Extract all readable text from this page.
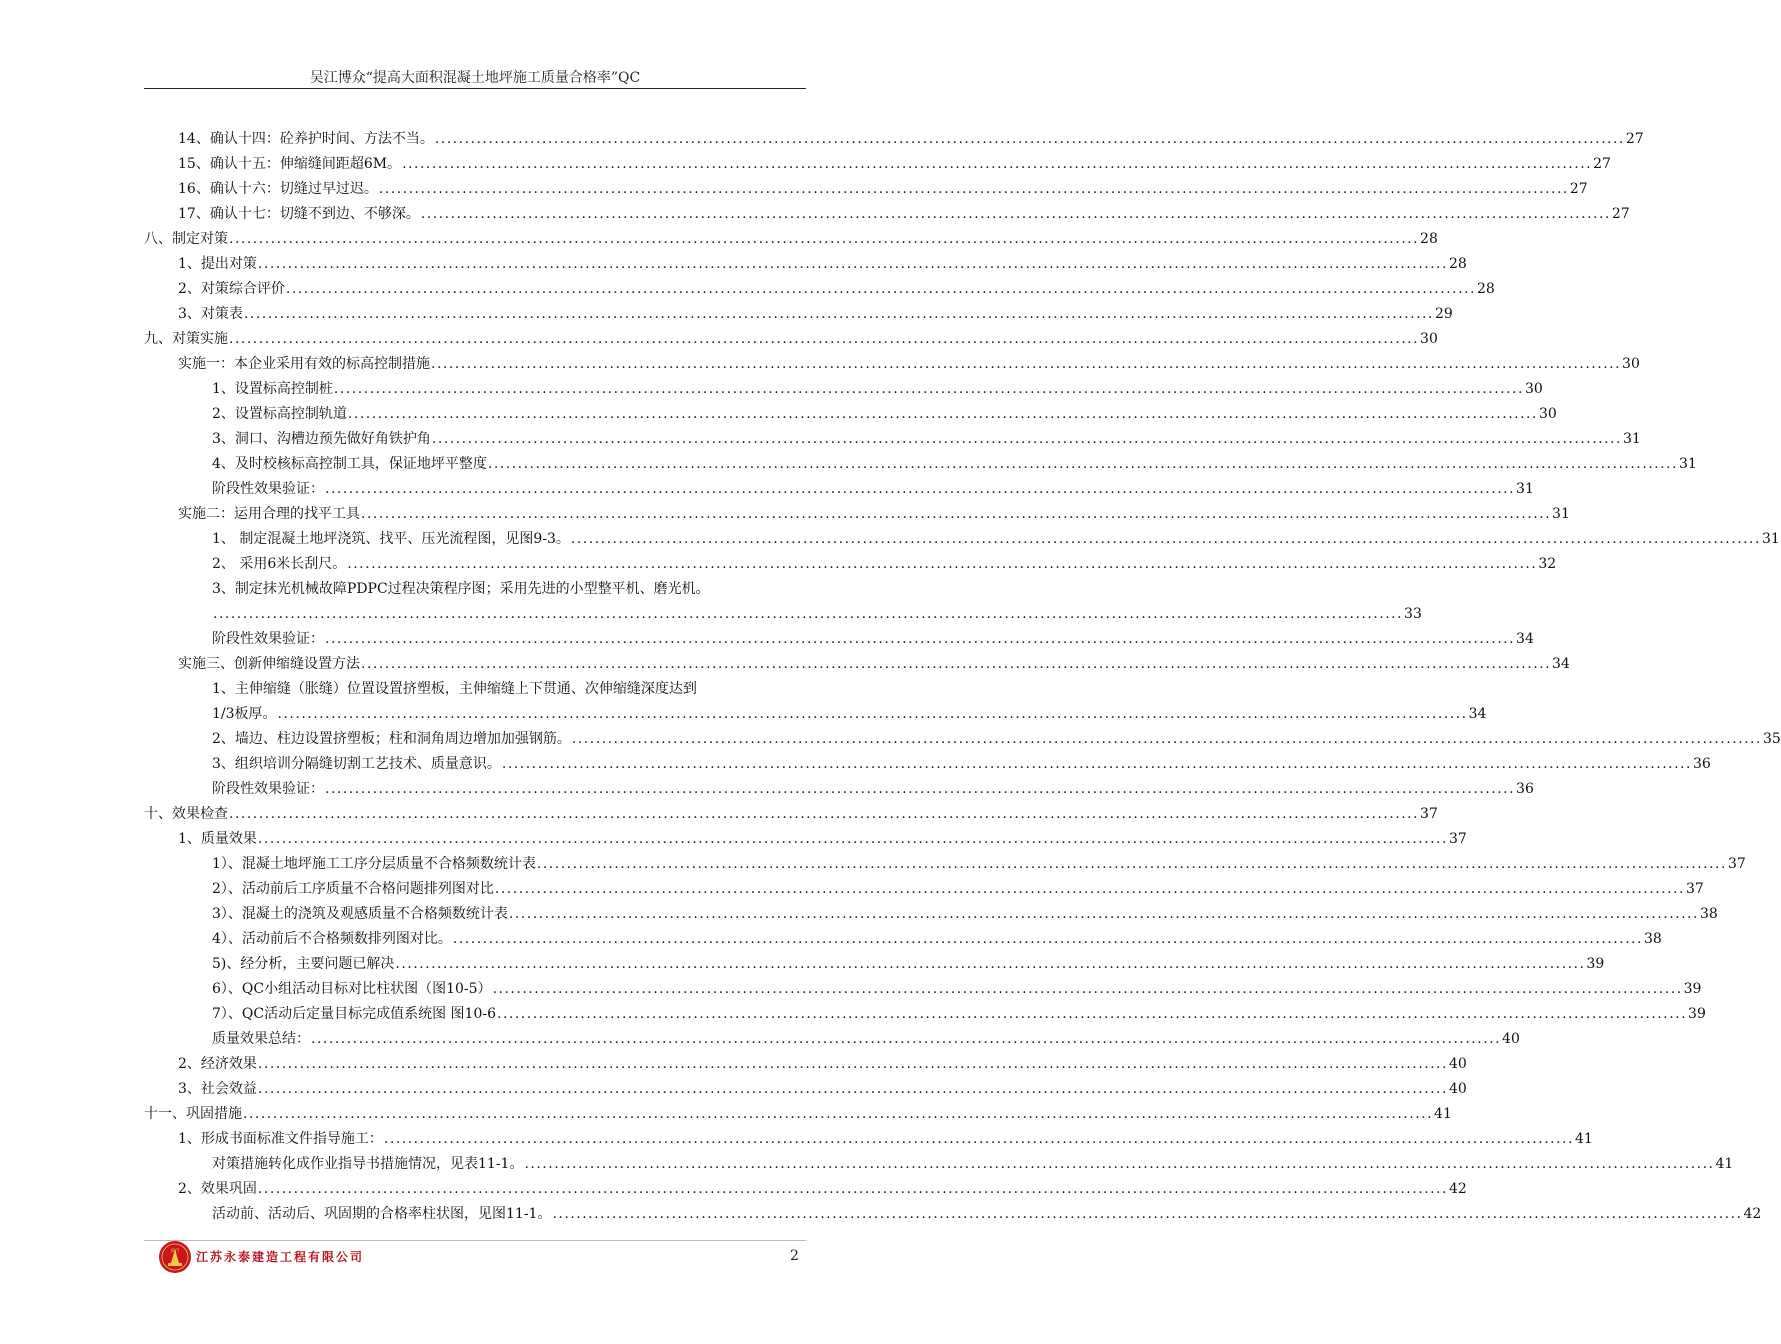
吴江博众“提高大面积混凝土地坪施工质量合格率”QC
14、确认十四：砼养护时间、方法不当。 ........................................................................................................................................................................................................ 27
15、确认十五：伸缩缝间距超6M。 ........................................................................................................................................................................................................ 27
16、确认十六：切缝过早过迟。 ........................................................................................................................................................................................................ 27
17、确认十七：切缝不到边、不够深。 ........................................................................................................................................................................................................ 27
八、制定对策 ........................................................................................................................................................................................................ 28
1、提出对策 ........................................................................................................................................................................................................ 28
2、对策综合评价 ........................................................................................................................................................................................................ 28
3、对策表 ........................................................................................................................................................................................................ 29
九、对策实施 ........................................................................................................................................................................................................ 30
实施一：本企业采用有效的标高控制措施 ........................................................................................................................................................................................................ 30
1、设置标高控制桩 ........................................................................................................................................................................................................ 30
2、设置标高控制轨道 ........................................................................................................................................................................................................ 30
3、洞口、沟槽边预先做好角铁护角 ........................................................................................................................................................................................................ 31
4、及时校核标高控制工具，保证地坪平整度 ........................................................................................................................................................................................................ 31
阶段性效果验证： ........................................................................................................................................................................................................ 31
实施二：运用合理的找平工具 ........................................................................................................................................................................................................ 31
1、 制定混凝土地坪浇筑、找平、压光流程图，见图9-3。 ........................................................................................................................................................................................................ 31
2、 采用6米长刮尺。 ........................................................................................................................................................................................................ 32
3、制定抹光机械故障PDPC过程决策程序图；采用先进的小型整平机、磨光机。
........................................................................................................................................................................................................ 33
阶段性效果验证： ........................................................................................................................................................................................................ 34
实施三、创新伸缩缝设置方法 ........................................................................................................................................................................................................ 34
1、主伸缩缝（胀缝）位置设置挤塑板，主伸缩缝上下贯通、次伸缩缝深度达到
1/3板厚。 ........................................................................................................................................................................................................ 34
2、墙边、柱边设置挤塑板；柱和洞角周边增加加强钢筋。 ........................................................................................................................................................................................................ 35
3、组织培训分隔缝切割工艺技术、质量意识。 ........................................................................................................................................................................................................ 36
阶段性效果验证： ........................................................................................................................................................................................................ 36
十、效果检查 ........................................................................................................................................................................................................ 37
1、质量效果 ........................................................................................................................................................................................................ 37
1）、混凝土地坪施工工序分层质量不合格频数统计表 ........................................................................................................................................................................................................ 37
2）、活动前后工序质量不合格问题排列图对比 ........................................................................................................................................................................................................ 37
3）、混凝土的浇筑及观感质量不合格频数统计表 ........................................................................................................................................................................................................ 38
4）、活动前后不合格频数排列图对比。 ........................................................................................................................................................................................................ 38
5)、经分析，主要问题已解决 ........................................................................................................................................................................................................ 39
6）、QC小组活动目标对比柱状图（图10-5） ........................................................................................................................................................................................................ 39
7）、QC活动后定量目标完成值系统图 图10-6 ........................................................................................................................................................................................................ 39
质量效果总结： ........................................................................................................................................................................................................ 40
2、经济效果 ........................................................................................................................................................................................................ 40
3、社会效益 ........................................................................................................................................................................................................ 40
十一、巩固措施 ........................................................................................................................................................................................................ 41
1、形成书面标准文件指导施工： ........................................................................................................................................................................................................ 41
对策措施转化成作业指导书措施情况，见表11-1。 ........................................................................................................................................................................................................ 41
2、效果巩固 ........................................................................................................................................................................................................ 42
活动前、活动后、巩固期的合格率柱状图，见图11-1。 ........................................................................................................................................................................................................ 42
JSYT 江苏永泰建造工程有限公司	2
